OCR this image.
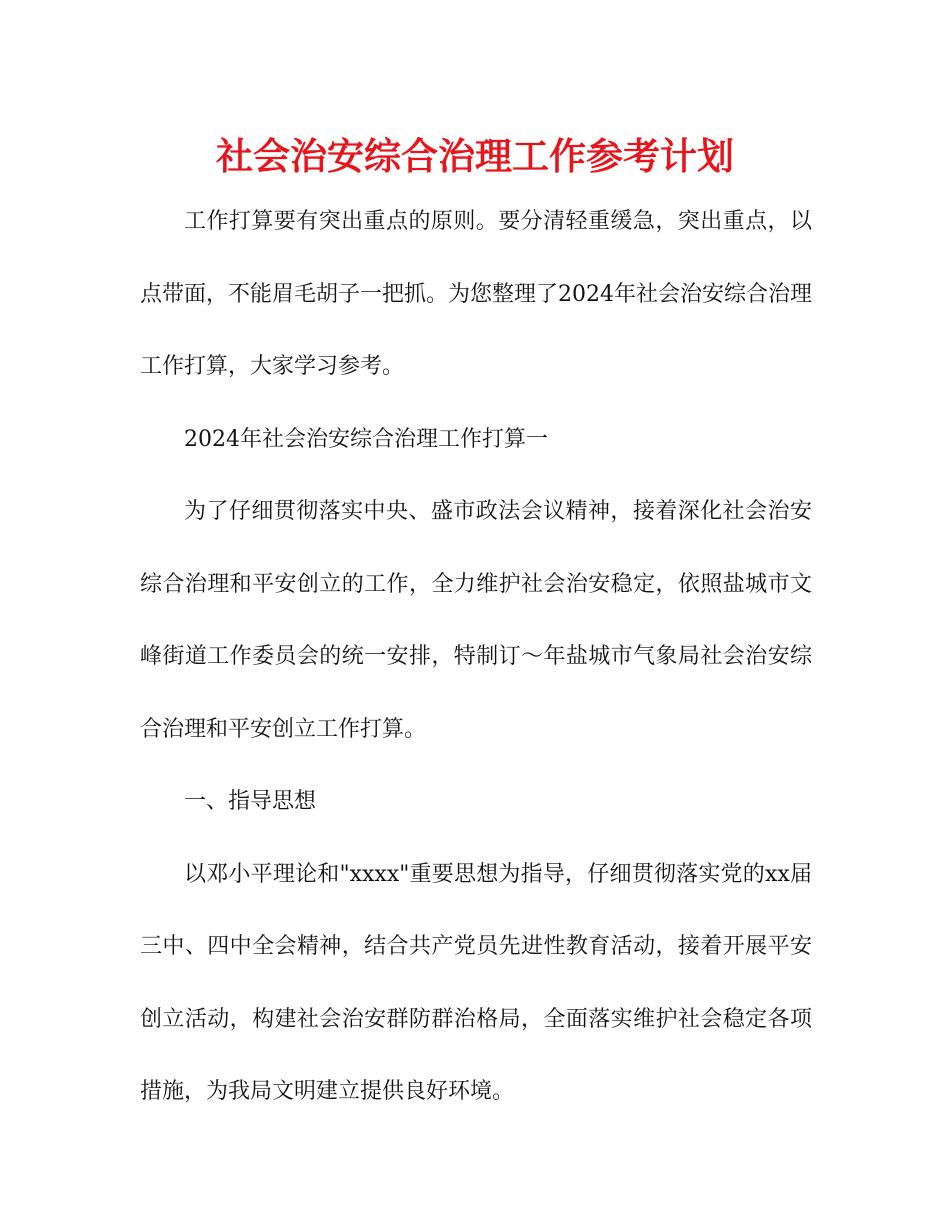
社会治安综合治理工作参考计划

工作打算要有突出重点的原则。要分清轻重缓急，突出重点，以点带面，不能眉毛胡子一把抓。为您整理了2024年社会治安综合治理工作打算，大家学习参考。

2024年社会治安综合治理工作打算一

为了仔细贯彻落实中央、盛市政法会议精神，接着深化社会治安综合治理和平安创立的工作，全力维护社会治安稳定，依照盐城市文峰街道工作委员会的统一安排，特制订～年盐城市气象局社会治安综合治理和平安创立工作打算。

一、指导思想

以邓小平理论和"xxxx"重要思想为指导，仔细贯彻落实党的xx届三中、四中全会精神，结合共产党员先进性教育活动，接着开展平安创立活动，构建社会治安群防群治格局，全面落实维护社会稳定各项措施，为我局文明建立提供良好环境。
